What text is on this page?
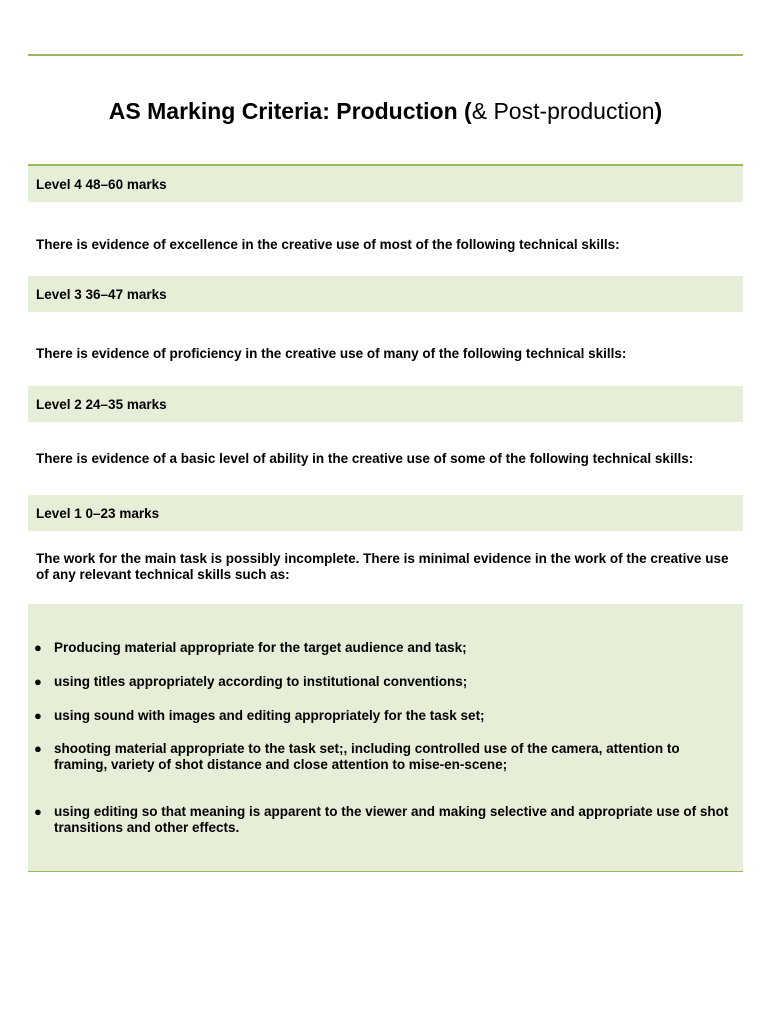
AS Marking Criteria: Production (& Post-production)
Level 4 48–60 marks

There is evidence of excellence in the creative use of most of the following technical skills:

Level 3 36–47 marks

There is evidence of proficiency in the creative use of many of the following technical skills:

Level 2 24–35 marks

There is evidence of a basic level of ability in the creative use of some of the following technical skills:

Level 1 0–23 marks

The work for the main task is possibly incomplete. There is minimal evidence in the work of the creative use of any relevant technical skills such as:

● Producing material appropriate for the target audience and task;
● using titles appropriately according to institutional conventions;
● using sound with images and editing appropriately for the task set;
● shooting material appropriate to the task set;, including controlled use of the camera, attention to framing, variety of shot distance and close attention to mise-en-scene;
● using editing so that meaning is apparent to the viewer and making selective and appropriate use of shot transitions and other effects.
